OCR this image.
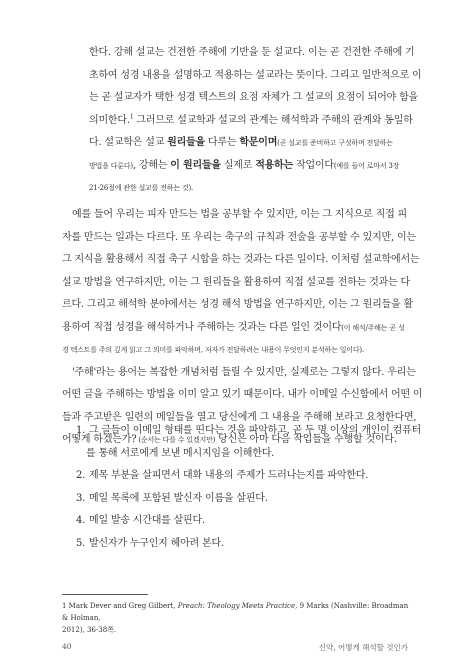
한다. 강해 설교는 건전한 주해에 기반을 둔 설교다. 이는 곧 건전한 주해에 기
초하여 성경 내용을 설명하고 적용하는 설교라는 뜻이다. 그리고 일반적으로 이
는 곧 설교자가 택한 성경 텍스트의 요점 자체가 그 설교의 요점이 되어야 함을
의미한다.$^1$ 그러므로 설교학과 설교의 관계는 해석학과 주해의 관계와 동일하
다. 설교학은 설교 원리들을 다루는 학문이며(곧 설교를 준비하고 구성하며 전달하는
방법을 다룬다), 강해는 이 원리들을 실제로 적용하는 작업이다(예를 들어 로마서 3장
21-26절에 관한 설교를 전하는 것).
예를 들어 우리는 피자 만드는 법을 공부할 수 있지만, 이는 그 지식으로 직접 피
자를 만드는 일과는 다르다. 또 우리는 축구의 규칙과 전술을 공부할 수 있지만, 이는
그 지식을 활용해서 직접 축구 시합을 하는 것과는 다른 일이다. 이처럼 설교학에서는
설교 방법을 연구하지만, 이는 그 원리들을 활용하여 직접 설교를 전하는 것과는 다
르다. 그리고 해석학 분야에서는 성경 해석 방법을 연구하지만, 이는 그 원리들을 활
용하여 직접 성경을 해석하거나 주해하는 것과는 다른 일인 것이다(이 해석/주해는 곧 성
경 텍스트를 주의 깊게 읽고 그 의미를 파악하며, 저자가 전달하려는 내용이 무엇인지 분석하는 일이다).
'주해'라는 용어는 복잡한 개념처럼 들릴 수 있지만, 실제로는 그렇지 않다. 우리는
어떤 글을 주해하는 방법을 이미 알고 있기 때문이다. 내가 이메일 수신함에서 어떤 이
들과 주고받은 일련의 메일들을 열고 당신에게 그 내용을 주해해 보라고 요청한다면,
어떻게 하겠는가? (순서는 다를 수 있겠지만) 당신은 아마 다음 작업들을 수행할 것이다.
1. 그 글들이 이메일 형태를 띤다는 것을 파악하고, 곧 두 명 이상의 개인이 컴퓨터
를 통해 서로에게 보낸 메시지임을 이해한다.
2. 제목 부분을 살피면서 대화 내용의 주제가 드러나는지를 파악한다.
3. 메일 목록에 포함된 발신자 이름을 살핀다.
4. 메일 발송 시간대를 살핀다.
5. 발신자가 누구인지 헤아려 본다.
1 Mark Dever and Greg Gilbert, Preach: Theology Meets Practice, 9 Marks (Nashville: Broadman & Holman,
2012), 36-38쪽.
40	신약, 어떻게 해석할 것인가
